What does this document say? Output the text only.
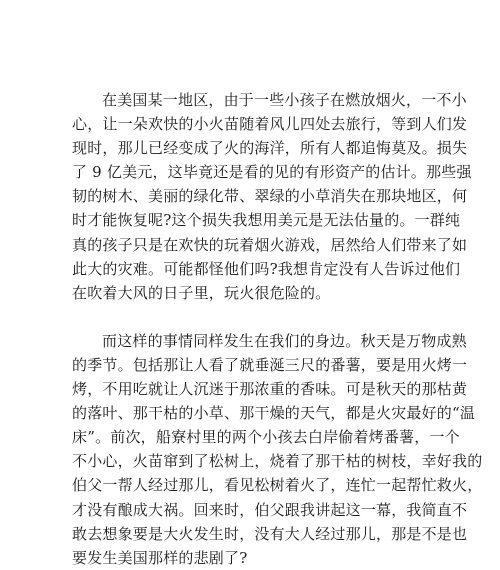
在美国某一地区，由于一些小孩子在燃放烟火，一不小
心，让一朵欢快的小火苗随着风儿四处去旅行，等到人们发
现时，那儿已经变成了火的海洋，所有人都追悔莫及。损失
了 9 亿美元，这毕竟还是看的见的有形资产的估计。那些强
韧的树木、美丽的绿化带、翠绿的小草消失在那块地区，何
时才能恢复呢?这个损失我想用美元是无法估量的。一群纯
真的孩子只是在欢快的玩着烟火游戏，居然给人们带来了如
此大的灾难。可能都怪他们吗?我想肯定没有人告诉过他们
在吹着大风的日子里，玩火很危险的。
而这样的事情同样发生在我们的身边。秋天是万物成熟
的季节。包括那让人看了就垂涎三尺的番薯，要是用火烤一
烤，不用吃就让人沉迷于那浓重的香味。可是秋天的那枯黄
的落叶、那干枯的小草、那干燥的天气，都是火灾最好的“温
床”。前次，船寮村里的两个小孩去白岸偷着烤番薯，一个
不小心，火苗窜到了松树上，烧着了那干枯的树枝，幸好我的
伯父一帮人经过那儿，看见松树着火了，连忙一起帮忙救火，
才没有酿成大祸。回来时，伯父跟我讲起这一幕，我简直不
敢去想象要是大火发生时，没有大人经过那儿，那是不是也
要发生美国那样的悲剧了?
